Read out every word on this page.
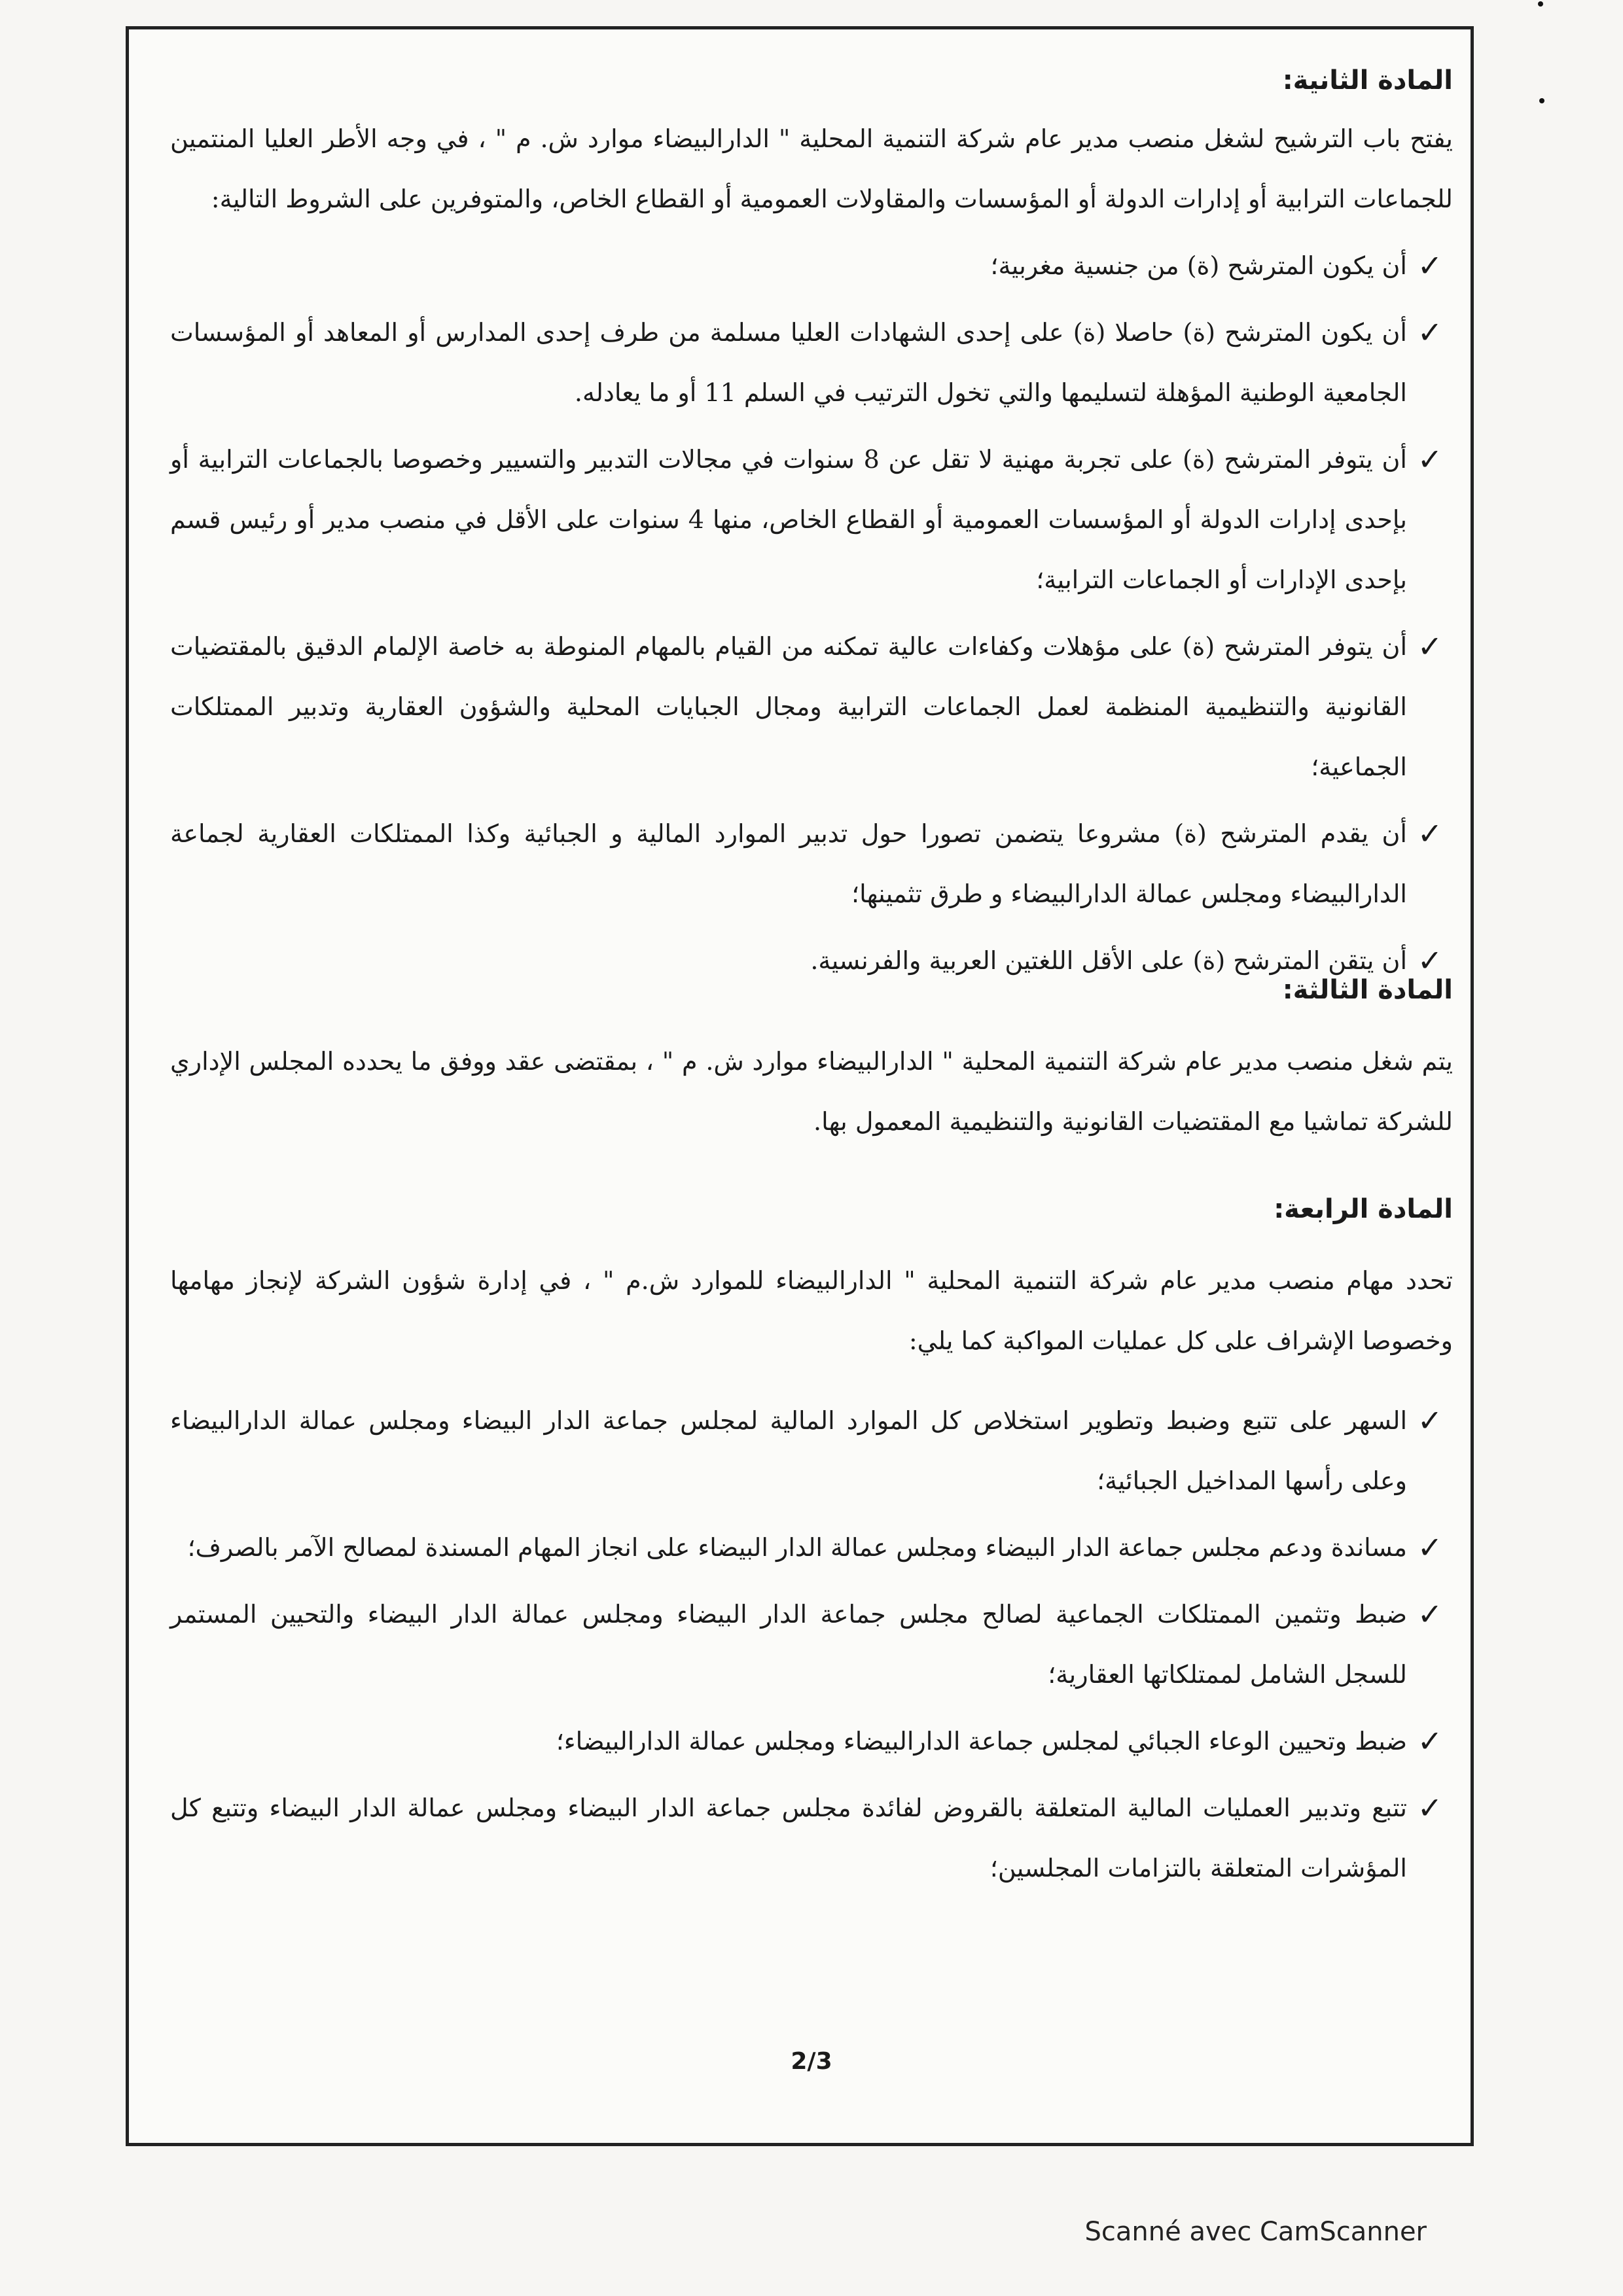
المادة الثانية:

يفتح باب الترشيح لشغل منصب مدير عام شركة التنمية المحلية " الدارالبيضاء موارد ش. م " ، في وجه الأطر العليا المنتمين للجماعات الترابية أو إدارات الدولة أو المؤسسات والمقاولات العمومية أو القطاع الخاص، والمتوفرين على الشروط التالية:

✓
أن يكون المترشح (ة) من جنسية مغربية؛
✓
أن يكون المترشح (ة) حاصلا (ة) على إحدى الشهادات العليا مسلمة من طرف إحدى المدارس أو المعاهد أو المؤسسات الجامعية الوطنية المؤهلة لتسليمها والتي تخول الترتيب في السلم 11 أو ما يعادله.
✓
أن يتوفر المترشح (ة) على تجربة مهنية لا تقل عن 8 سنوات في مجالات التدبير والتسيير وخصوصا بالجماعات الترابية أو بإحدى إدارات الدولة أو المؤسسات العمومية أو القطاع الخاص، منها 4 سنوات على الأقل في منصب مدير أو رئيس قسم بإحدى الإدارات أو الجماعات الترابية؛
✓
أن يتوفر المترشح (ة) على مؤهلات وكفاءات عالية تمكنه من القيام بالمهام المنوطة به خاصة الإلمام الدقيق بالمقتضيات القانونية والتنظيمية المنظمة لعمل الجماعات الترابية ومجال الجبايات المحلية والشؤون العقارية وتدبير الممتلكات الجماعية؛
✓
أن يقدم المترشح (ة) مشروعا يتضمن تصورا حول تدبير الموارد المالية و الجبائية وكذا الممتلكات العقارية لجماعة الدارالبيضاء ومجلس عمالة الدارالبيضاء و طرق تثمينها؛
✓
أن يتقن المترشح (ة) على الأقل اللغتين العربية والفرنسية.
المادة الثالثة:

يتم شغل منصب مدير عام شركة التنمية المحلية " الدارالبيضاء موارد ش. م " ، بمقتضى عقد ووفق ما يحدده المجلس الإداري للشركة تماشيا مع المقتضيات القانونية والتنظيمية المعمول بها.

المادة الرابعة:

تحدد مهام منصب مدير عام شركة التنمية المحلية " الدارالبيضاء للموارد ش.م " ، في إدارة شؤون الشركة لإنجاز مهامها وخصوصا الإشراف على كل عمليات المواكبة كما يلي:

✓
السهر على تتبع وضبط وتطوير استخلاص كل الموارد المالية لمجلس جماعة الدار البيضاء ومجلس عمالة الدارالبيضاء وعلى رأسها المداخيل الجبائية؛
✓
مساندة ودعم مجلس جماعة الدار البيضاء ومجلس عمالة الدار البيضاء على انجاز المهام المسندة لمصالح الآمر بالصرف؛
✓
ضبط وتثمين الممتلكات الجماعية لصالح مجلس جماعة الدار البيضاء ومجلس عمالة الدار البيضاء والتحيين المستمر للسجل الشامل لممتلكاتها العقارية؛
✓
ضبط وتحيين الوعاء الجبائي لمجلس جماعة الدارالبيضاء ومجلس عمالة الدارالبيضاء؛
✓
تتبع وتدبير العمليات المالية المتعلقة بالقروض لفائدة مجلس جماعة الدار البيضاء ومجلس عمالة الدار البيضاء وتتبع كل المؤشرات المتعلقة بالتزامات المجلسين؛
2/3
Scanné avec CamScanner
